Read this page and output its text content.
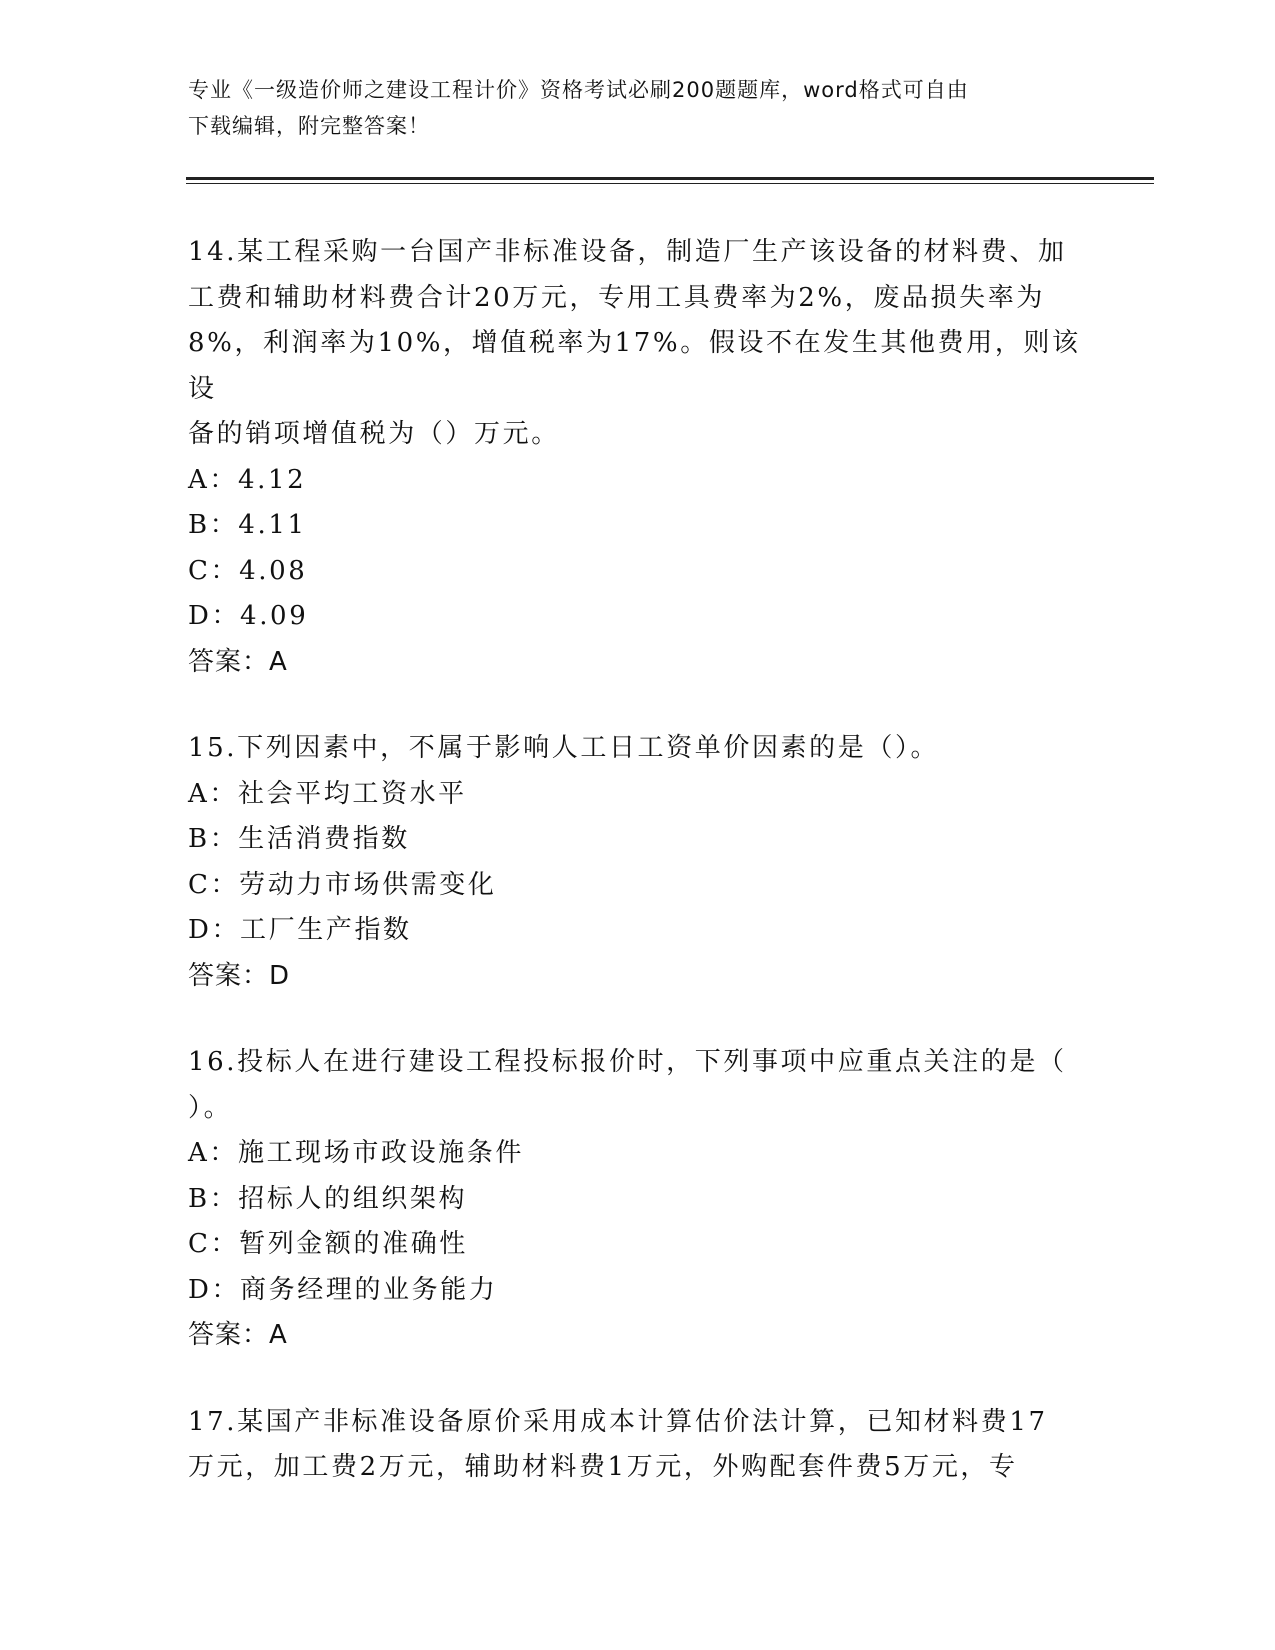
专业《一级造价师之建设工程计价》资格考试必刷200题题库，word格式可自由
下载编辑，附完整答案！
14.某工程采购一台国产非标准设备，制造厂生产该设备的材料费、加
工费和辅助材料费合计20万元，专用工具费率为2%，废品损失率为
8%，利润率为10%，增值税率为17%。假设不在发生其他费用，则该设
备的销项增值税为（）万元。
A：4.12
B：4.11
C：4.08
D：4.09
答案：A
15.下列因素中，不属于影响人工日工资单价因素的是（）。
A：社会平均工资水平
B：生活消费指数
C：劳动力市场供需变化
D：工厂生产指数
答案：D
16.投标人在进行建设工程投标报价时，下列事项中应重点关注的是（
）。
A：施工现场市政设施条件
B：招标人的组织架构
C：暂列金额的准确性
D：商务经理的业务能力
答案：A
17.某国产非标准设备原价采用成本计算估价法计算，已知材料费17
万元，加工费2万元，辅助材料费1万元，外购配套件费5万元，专
